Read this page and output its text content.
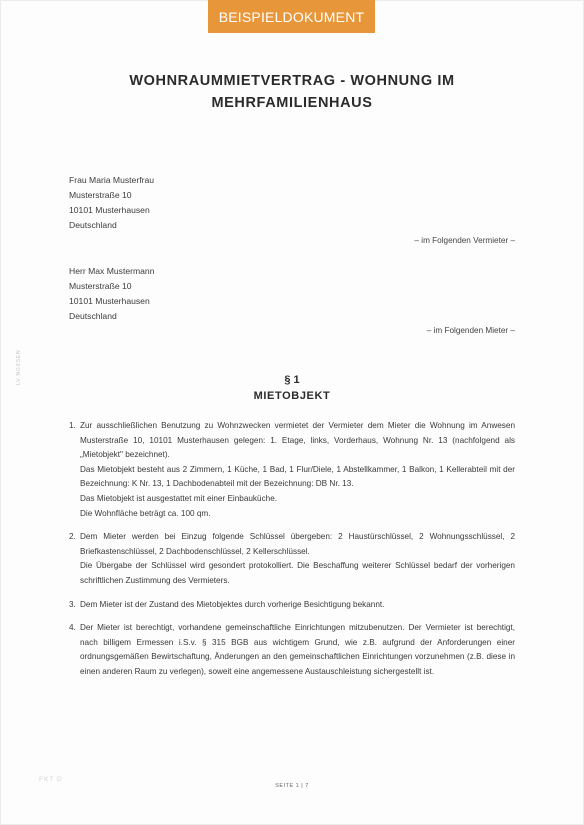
BEISPIELDOKUMENT
WOHNRAUMMIETVERTRAG - WOHNUNG IM
MEHRFAMILIENHAUS
Frau Maria Musterfrau
Musterstraße 10
10101 Musterhausen
Deutschland
– im Folgenden Vermieter –
Herr Max Mustermann
Musterstraße 10
10101 Musterhausen
Deutschland
– im Folgenden Mieter –
§ 1
MIETOBJEKT
1. Zur ausschließlichen Benutzung zu Wohnzwecken vermietet der Vermieter dem Mieter die Wohnung im Anwesen Musterstraße 10, 10101 Musterhausen gelegen: 1. Etage, links, Vorderhaus, Wohnung Nr. 13 (nachfolgend als „Mietobjekt" bezeichnet).
Das Mietobjekt besteht aus 2 Zimmern, 1 Küche, 1 Bad, 1 Flur/Diele, 1 Abstellkammer, 1 Balkon, 1 Kellerabteil mit der Bezeichnung: K Nr. 13, 1 Dachbodenabteil mit der Bezeichnung: DB Nr. 13.
Das Mietobjekt ist ausgestattet mit einer Einbauküche.
Die Wohnfläche beträgt ca. 100 qm.
2. Dem Mieter werden bei Einzug folgende Schlüssel übergeben: 2 Haustürschlüssel, 2 Wohnungsschlüssel, 2 Briefkastenschlüssel, 2 Dachbodenschlüssel, 2 Kellerschlüssel.
Die Übergabe der Schlüssel wird gesondert protokolliert. Die Beschaffung weiterer Schlüssel bedarf der vorherigen schriftlichen Zustimmung des Vermieters.
3. Dem Mieter ist der Zustand des Mietobjektes durch vorherige Besichtigung bekannt.
4. Der Mieter ist berechtigt, vorhandene gemeinschaftliche Einrichtungen mitzubenutzen. Der Vermieter ist berechtigt, nach billigem Ermessen i.S.v. § 315 BGB aus wichtigem Grund, wie z.B. aufgrund der Anforderungen einer ordnungsgemäßen Bewirtschaftung, Änderungen an den gemeinschaftlichen Einrichtungen vorzunehmen (z.B. diese in einen anderen Raum zu verlegen), soweit eine angemessene Austauschleistung sichergestellt ist.
LV NGXSEN
FKT D
SEITE 1 | 7
